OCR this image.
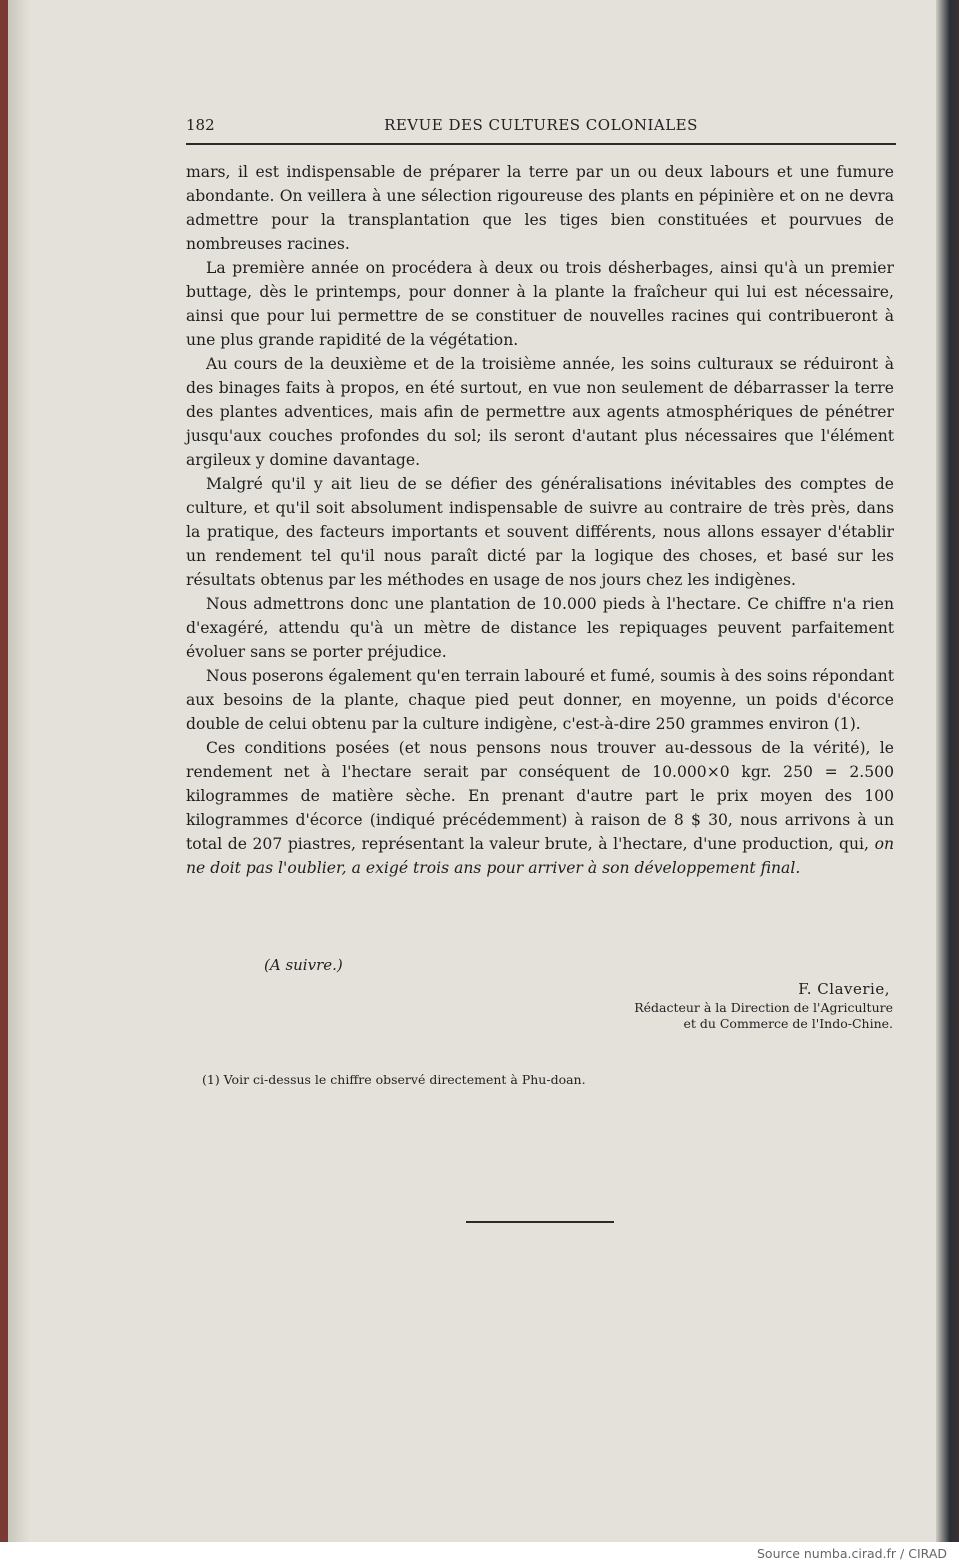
182	REVUE DES CULTURES COLONIALES

mars, il est indispensable de préparer la terre par un ou deux labours et une fumure abondante. On veillera à une sélection rigoureuse des plants en pépinière et on ne devra admettre pour la transplantation que les tiges bien constituées et pourvues de nombreuses racines.

La première année on procédera à deux ou trois désherbages, ainsi qu'à un premier buttage, dès le printemps, pour donner à la plante la fraîcheur qui lui est nécessaire, ainsi que pour lui permettre de se constituer de nouvelles racines qui contribueront à une plus grande rapidité de la végétation.

Au cours de la deuxième et de la troisième année, les soins culturaux se réduiront à des binages faits à propos, en été surtout, en vue non seulement de débarrasser la terre des plantes adventices, mais afin de permettre aux agents atmosphériques de pénétrer jusqu'aux couches profondes du sol; ils seront d'autant plus nécessaires que l'élément argileux y domine davantage.

Malgré qu'il y ait lieu de se défier des généralisations inévitables des comptes de culture, et qu'il soit absolument indispensable de suivre au contraire de très près, dans la pratique, des facteurs importants et souvent différents, nous allons essayer d'établir un rendement tel qu'il nous paraît dicté par la logique des choses, et basé sur les résultats obtenus par les méthodes en usage de nos jours chez les indigènes.

Nous admettrons donc une plantation de 10.000 pieds à l'hectare. Ce chiffre n'a rien d'exagéré, attendu qu'à un mètre de distance les repiquages peuvent parfaitement évoluer sans se porter préjudice.

Nous poserons également qu'en terrain labouré et fumé, soumis à des soins répondant aux besoins de la plante, chaque pied peut donner, en moyenne, un poids d'écorce double de celui obtenu par la culture indigène, c'est-à-dire 250 grammes environ (1).

Ces conditions posées (et nous pensons nous trouver au-dessous de la vérité), le rendement net à l'hectare serait par conséquent de 10.000×0 kgr. 250 = 2.500 kilogrammes de matière sèche. En prenant d'autre part le prix moyen des 100 kilogrammes d'écorce (indiqué précédemment) à raison de 8 $ 30, nous arrivons à un total de 207 piastres, représentant la valeur brute, à l'hectare, d'une production, qui, on ne doit pas l'oublier, a exigé trois ans pour arriver à son développement final.

(A suivre.)
F. Claverie,
Rédacteur à la Direction de l'Agriculture
et du Commerce de l'Indo-Chine.
(1) Voir ci-dessus le chiffre observé directement à Phu-doan.
Source numba.cirad.fr / CIRAD
